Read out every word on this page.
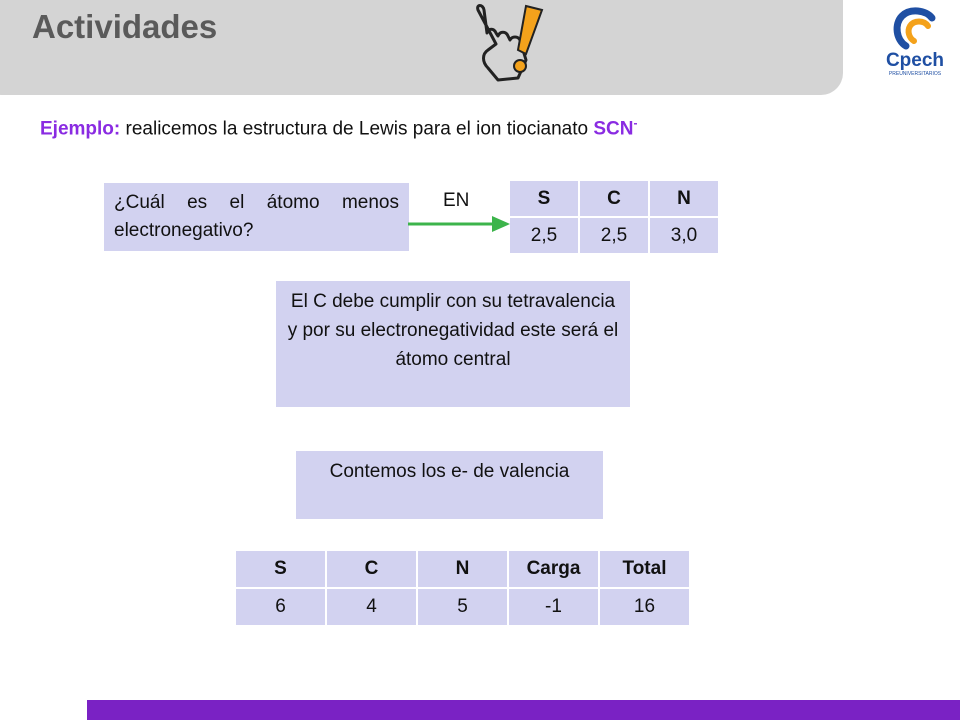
Actividades
Cpech
PREUNIVERSITARIOS
Ejemplo: realicemos la estructura de Lewis para el ion tiocianato SCN-
¿Cuál es el átomo menos
electronegativo?
EN	S	C	N
2,5	2,5	3,0
El C debe cumplir con su tetravalencia y por su electronegatividad este será el átomo central
Contemos los e- de valencia
S	C	N	Carga	Total
6	4	5	-1	16
